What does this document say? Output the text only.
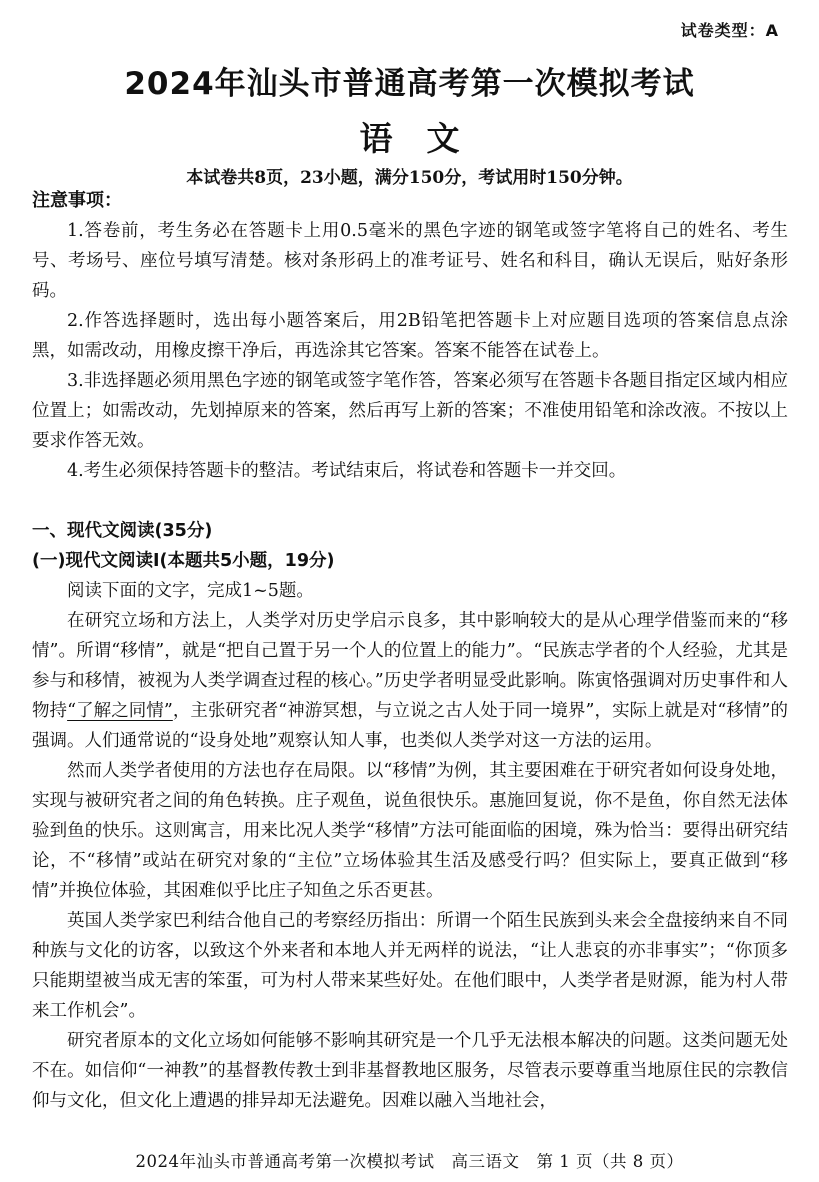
试卷类型：A
2024年汕头市普通高考第一次模拟考试
语文
本试卷共8页，23小题，满分150分，考试用时150分钟。
注意事项：

1.答卷前，考生务必在答题卡上用0.5毫米的黑色字迹的钢笔或签字笔将自己的姓名、考生号、考场号、座位号填写清楚。核对条形码上的准考证号、姓名和科目，确认无误后，贴好条形码。

2.作答选择题时，选出每小题答案后，用2B铅笔把答题卡上对应题目选项的答案信息点涂黑，如需改动，用橡皮擦干净后，再选涂其它答案。答案不能答在试卷上。

3.非选择题必须用黑色字迹的钢笔或签字笔作答，答案必须写在答题卡各题目指定区域内相应位置上；如需改动，先划掉原来的答案，然后再写上新的答案；不准使用铅笔和涂改液。不按以上要求作答无效。

4.考生必须保持答题卡的整洁。考试结束后，将试卷和答题卡一并交回。

一、现代文阅读(35分)
(一)现代文阅读Ⅰ(本题共5小题，19分)

阅读下面的文字，完成1~5题。

在研究立场和方法上，人类学对历史学启示良多，其中影响较大的是从心理学借鉴而来的“移情”。所谓“移情”，就是“把自己置于另一个人的位置上的能力”。“民族志学者的个人经验，尤其是参与和移情，被视为人类学调查过程的核心。”历史学者明显受此影响。陈寅恪强调对历史事件和人物持“了解之同情”，主张研究者“神游冥想，与立说之古人处于同一境界”，实际上就是对“移情”的强调。人们通常说的“设身处地”观察认知人事，也类似人类学对这一方法的运用。

然而人类学者使用的方法也存在局限。以“移情”为例，其主要困难在于研究者如何设身处地，实现与被研究者之间的角色转换。庄子观鱼，说鱼很快乐。惠施回复说，你不是鱼，你自然无法体验到鱼的快乐。这则寓言，用来比况人类学“移情”方法可能面临的困境，殊为恰当：要得出研究结论，不“移情”或站在研究对象的“主位”立场体验其生活及感受行吗？但实际上，要真正做到“移情”并换位体验，其困难似乎比庄子知鱼之乐否更甚。

英国人类学家巴利结合他自己的考察经历指出：所谓一个陌生民族到头来会全盘接纳来自不同种族与文化的访客，以致这个外来者和本地人并无两样的说法，“让人悲哀的亦非事实”；“你顶多只能期望被当成无害的笨蛋，可为村人带来某些好处。在他们眼中，人类学者是财源，能为村人带来工作机会”。

研究者原本的文化立场如何能够不影响其研究是一个几乎无法根本解决的问题。这类问题无处不在。如信仰“一神教”的基督教传教士到非基督教地区服务，尽管表示要尊重当地原住民的宗教信仰与文化，但文化上遭遇的排异却无法避免。因难以融入当地社会，

2024年汕头市普通高考第一次模拟考试　高三语文　第 1 页（共 8 页）
